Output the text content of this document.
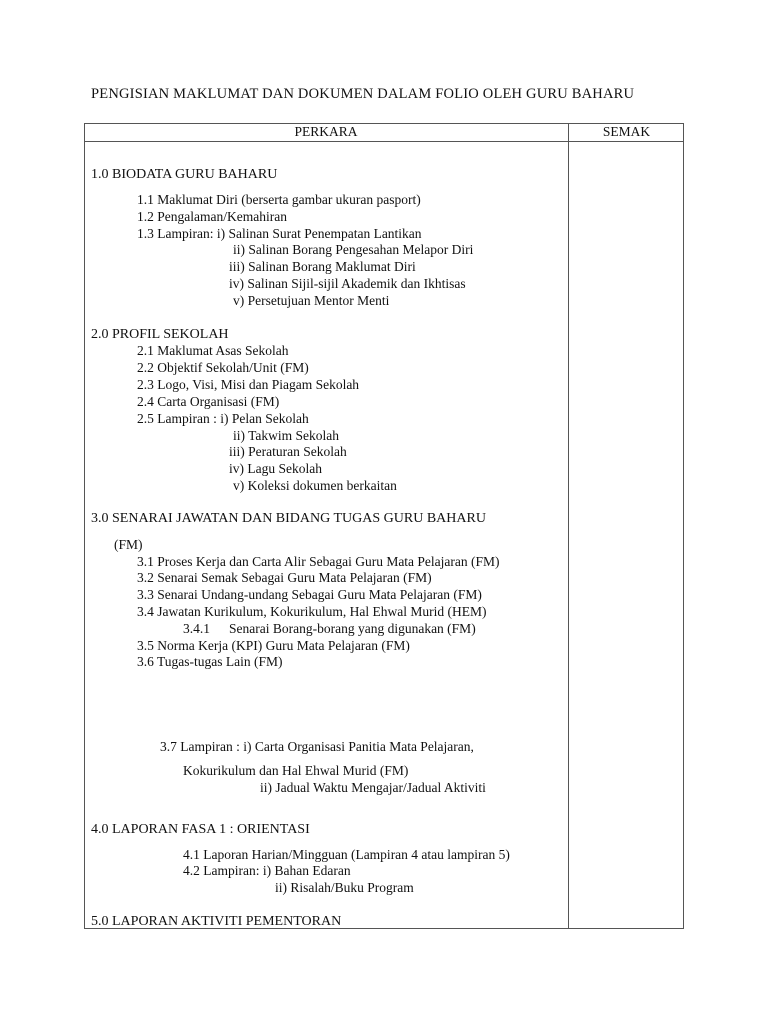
PENGISIAN MAKLUMAT DAN DOKUMEN DALAM FOLIO OLEH GURU BAHARU
PERKARA	SEMAK
1.0 BIODATA GURU BAHARU
1.1 Maklumat Diri (berserta gambar ukuran pasport)
1.2 Pengalaman/Kemahiran
1.3 Lampiran: i) Salinan Surat Penempatan Lantikan
ii) Salinan Borang Pengesahan Melapor Diri
iii) Salinan Borang Maklumat Diri
iv) Salinan Sijil-sijil Akademik dan Ikhtisas
v) Persetujuan Mentor Menti
2.0 PROFIL SEKOLAH
2.1 Maklumat Asas Sekolah
2.2 Objektif Sekolah/Unit (FM)
2.3 Logo, Visi, Misi dan Piagam Sekolah
2.4 Carta Organisasi (FM)
2.5 Lampiran : i) Pelan Sekolah
ii) Takwim Sekolah
iii) Peraturan Sekolah
iv) Lagu Sekolah
v) Koleksi dokumen berkaitan
3.0 SENARAI JAWATAN DAN BIDANG TUGAS GURU BAHARU
(FM)
3.1 Proses Kerja dan Carta Alir Sebagai Guru Mata Pelajaran (FM)
3.2 Senarai Semak Sebagai Guru Mata Pelajaran (FM)
3.3 Senarai Undang-undang Sebagai Guru Mata Pelajaran (FM)
3.4 Jawatan Kurikulum, Kokurikulum, Hal Ehwal Murid (HEM)
3.4.1 Senarai Borang-borang yang digunakan (FM)
3.5 Norma Kerja (KPI) Guru Mata Pelajaran (FM)
3.6 Tugas-tugas Lain (FM)
3.7 Lampiran : i) Carta Organisasi Panitia Mata Pelajaran,
Kokurikulum dan Hal Ehwal Murid (FM)
ii) Jadual Waktu Mengajar/Jadual Aktiviti
4.0 LAPORAN FASA 1 : ORIENTASI
4.1 Laporan Harian/Mingguan (Lampiran 4 atau lampiran 5)
4.2 Lampiran: i) Bahan Edaran
ii) Risalah/Buku Program
5.0 LAPORAN AKTIVITI PEMENTORAN
